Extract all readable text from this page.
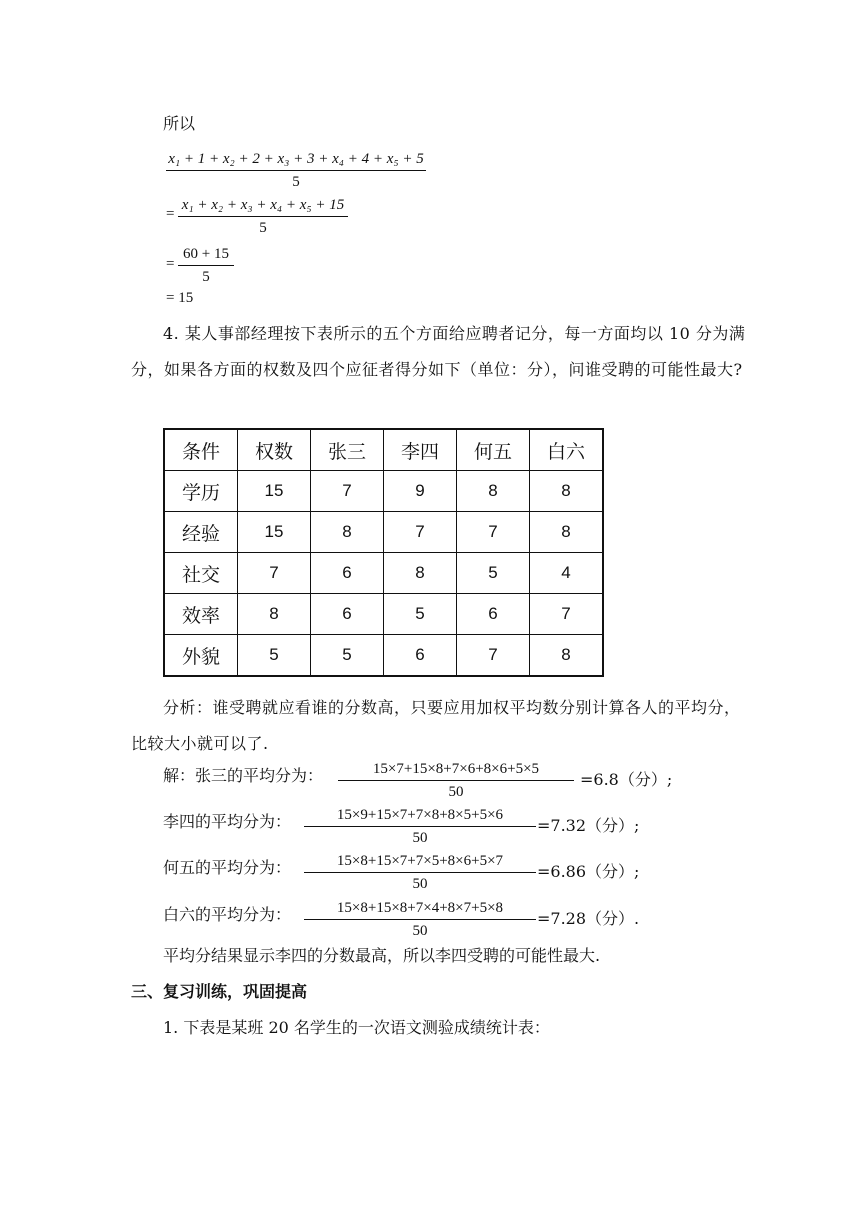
所以
x₁ + 1 + x₂ + 2 + x₃ + 3 + x₄ + 4 + x₅ + 5
5
=
x₁ + x₂ + x₃ + x₄ + x₅ + 15
5
=
60 + 15
5
= 15
4. 某人事部经理按下表所示的五个方面给应聘者记分，每一方面均以 10 分为满分，如果各方面的权数及四个应征者得分如下（单位：分），问谁受聘的可能性最大?
条件	权数	张三	李四	何五	白六
学历	15	7	9	8	8
经验	15	8	7	7	8
社交	7	6	8	5	4
效率	8	6	5	6	7
外貌	5	5	6	7	8
分析：谁受聘就应看谁的分数高，只要应用加权平均数分别计算各人的平均分，比较大小就可以了.
解：张三的平均分为：	15×7+15×8+7×6+8×6+5×5
50
=6.8（分）;
李四的平均分为：	15×9+15×7+7×8+8×5+5×6
50
=7.32（分）;
何五的平均分为：	15×8+15×7+7×5+8×6+5×7
50
=6.86（分）;
白六的平均分为：	15×8+15×8+7×4+8×7+5×8
50
=7.28（分）.
平均分结果显示李四的分数最高，所以李四受聘的可能性最大.
三、复习训练，巩固提高
1. 下表是某班 20 名学生的一次语文测验成绩统计表：
